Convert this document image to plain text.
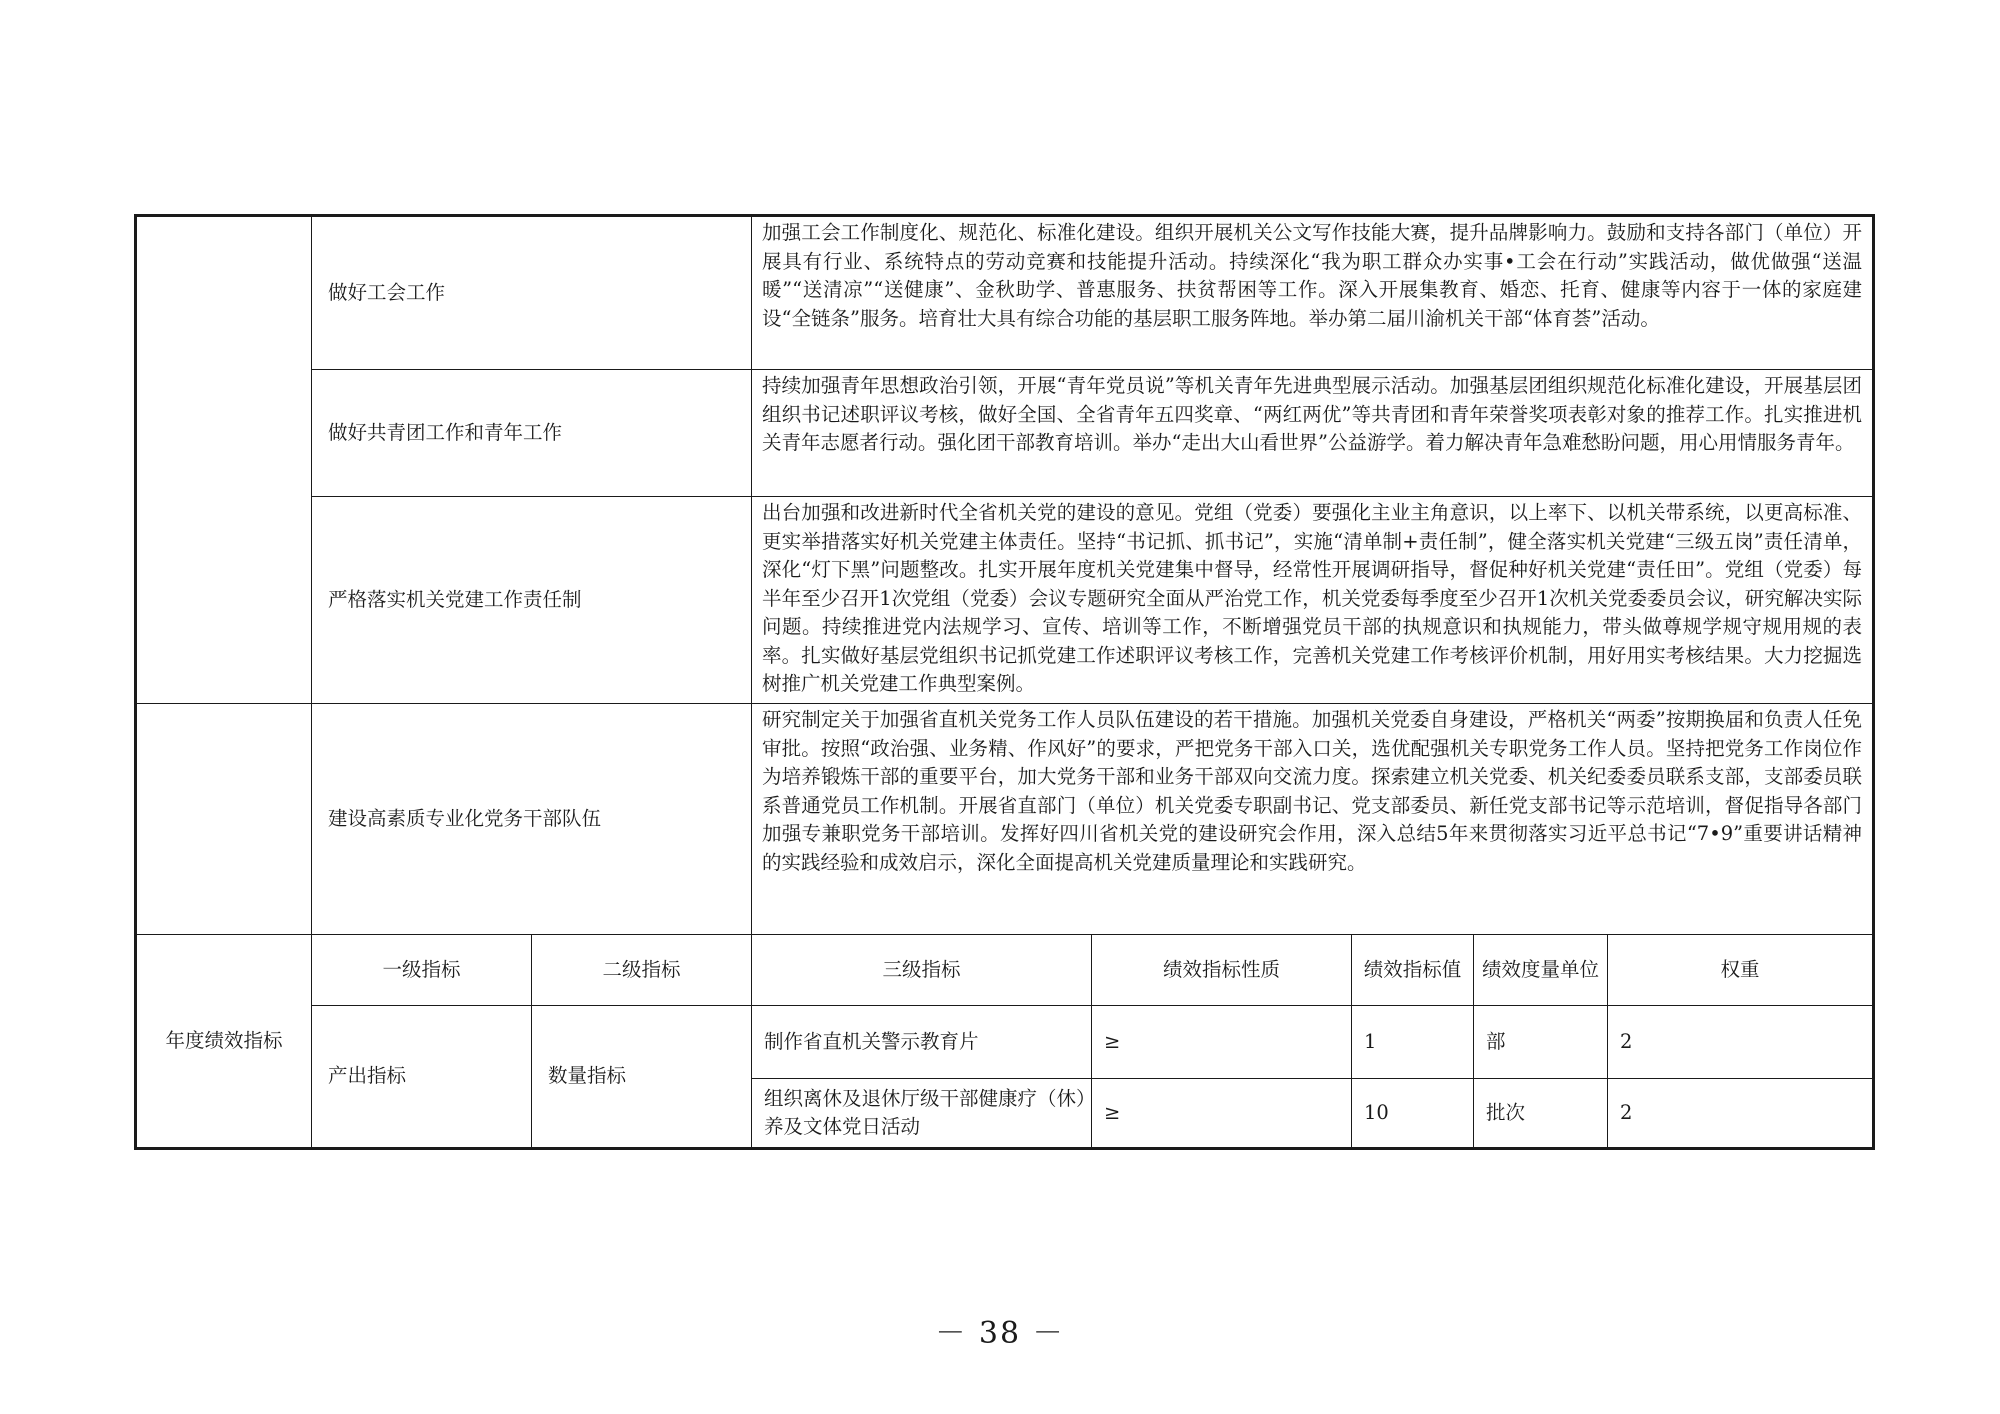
	做好工会工作		加强工会工作制度化、规范化、标准化建设。组织开展机关公文写作技能大赛，提升品牌影响力。鼓励和支持各部门（单位）开展具有行业、系统特点的劳动竞赛和技能提升活动。持续深化“我为职工群众办实事•工会在行动”实践活动，做优做强“送温暖”“送清凉”“送健康”、金秋助学、普惠服务、扶贫帮困等工作。深入开展集教育、婚恋、托育、健康等内容于一体的家庭建设“全链条”服务。培育壮大具有综合功能的基层职工服务阵地。举办第二届川渝机关干部“体育荟”活动。				
	做好共青团工作和青年工作		持续加强青年思想政治引领，开展“青年党员说”等机关青年先进典型展示活动。加强基层团组织规范化标准化建设，开展基层团组织书记述职评议考核，做好全国、全省青年五四奖章、“两红两优”等共青团和青年荣誉奖项表彰对象的推荐工作。扎实推进机关青年志愿者行动。强化团干部教育培训。举办“走出大山看世界”公益游学。着力解决青年急难愁盼问题，用心用情服务青年。				
	严格落实机关党建工作责任制		出台加强和改进新时代全省机关党的建设的意见。党组（党委）要强化主业主角意识，以上率下、以机关带系统，以更高标准、更实举措落实好机关党建主体责任。坚持“书记抓、抓书记”，实施“清单制+责任制”，健全落实机关党建“三级五岗”责任清单，深化“灯下黑”问题整改。扎实开展年度机关党建集中督导，经常性开展调研指导，督促种好机关党建“责任田”。党组（党委）每半年至少召开1次党组（党委）会议专题研究全面从严治党工作，机关党委每季度至少召开1次机关党委委员会议，研究解决实际问题。持续推进党内法规学习、宣传、培训等工作，不断增强党员干部的执规意识和执规能力，带头做尊规学规守规用规的表率。扎实做好基层党组织书记抓党建工作述职评议考核工作，完善机关党建工作考核评价机制，用好用实考核结果。大力挖掘选树推广机关党建工作典型案例。				
	建设高素质专业化党务干部队伍		研究制定关于加强省直机关党务工作人员队伍建设的若干措施。加强机关党委自身建设，严格机关“两委”按期换届和负责人任免审批。按照“政治强、业务精、作风好”的要求，严把党务干部入口关，选优配强机关专职党务工作人员。坚持把党务工作岗位作为培养锻炼干部的重要平台，加大党务干部和业务干部双向交流力度。探索建立机关党委、机关纪委委员联系支部，支部委员联系普通党员工作机制。开展省直部门（单位）机关党委专职副书记、党支部委员、新任党支部书记等示范培训，督促指导各部门加强专兼职党务干部培训。发挥好四川省机关党的建设研究会作用，深入总结5年来贯彻落实习近平总书记“7•9”重要讲话精神的实践经验和成效启示，深化全面提高机关党建质量理论和实践研究。				
年度绩效指标	一级指标	二级指标	三级指标	绩效指标性质	绩效指标值	绩效度量单位	权重
	产出指标	数量指标	制作省直机关警示教育片	≥	1	部	2
			组织离休及退休厅级干部健康疗（休）养及文体党日活动	≥	10	批次	2
－ 38 －
